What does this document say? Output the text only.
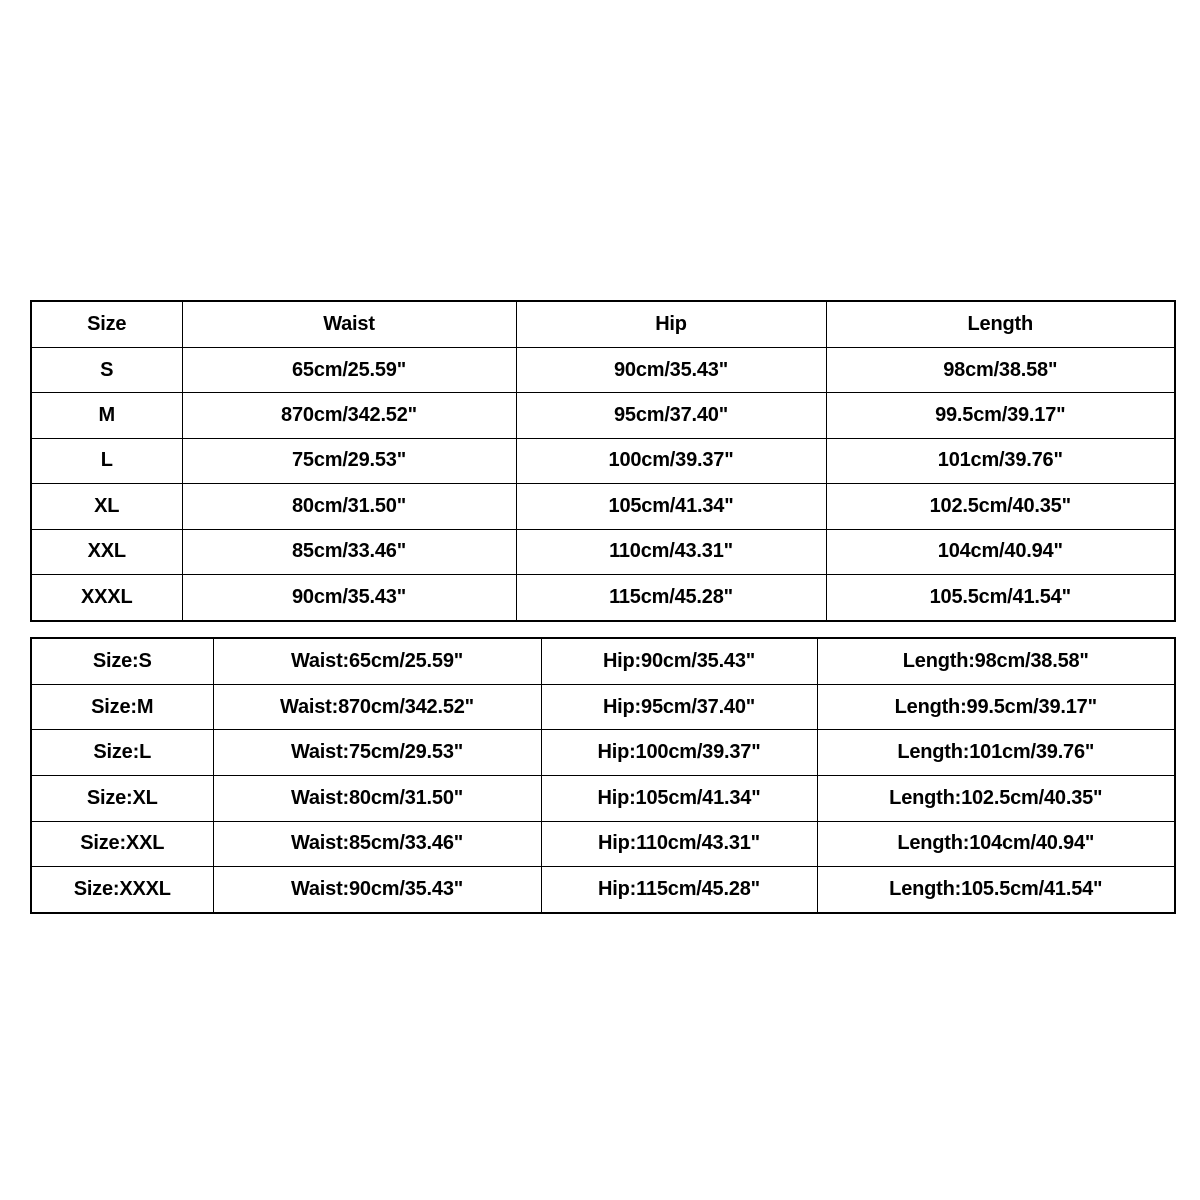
Size	Waist	Hip	Length
S	65cm/25.59"	90cm/35.43"	98cm/38.58"
M	870cm/342.52"	95cm/37.40"	99.5cm/39.17"
L	75cm/29.53"	100cm/39.37"	101cm/39.76"
XL	80cm/31.50"	105cm/41.34"	102.5cm/40.35"
XXL	85cm/33.46"	110cm/43.31"	104cm/40.94"
XXXL	90cm/35.43"	115cm/45.28"	105.5cm/41.54"
Size:S	Waist:65cm/25.59"	Hip:90cm/35.43"	Length:98cm/38.58"
Size:M	Waist:870cm/342.52"	Hip:95cm/37.40"	Length:99.5cm/39.17"
Size:L	Waist:75cm/29.53"	Hip:100cm/39.37"	Length:101cm/39.76"
Size:XL	Waist:80cm/31.50"	Hip:105cm/41.34"	Length:102.5cm/40.35"
Size:XXL	Waist:85cm/33.46"	Hip:110cm/43.31"	Length:104cm/40.94"
Size:XXXL	Waist:90cm/35.43"	Hip:115cm/45.28"	Length:105.5cm/41.54"
